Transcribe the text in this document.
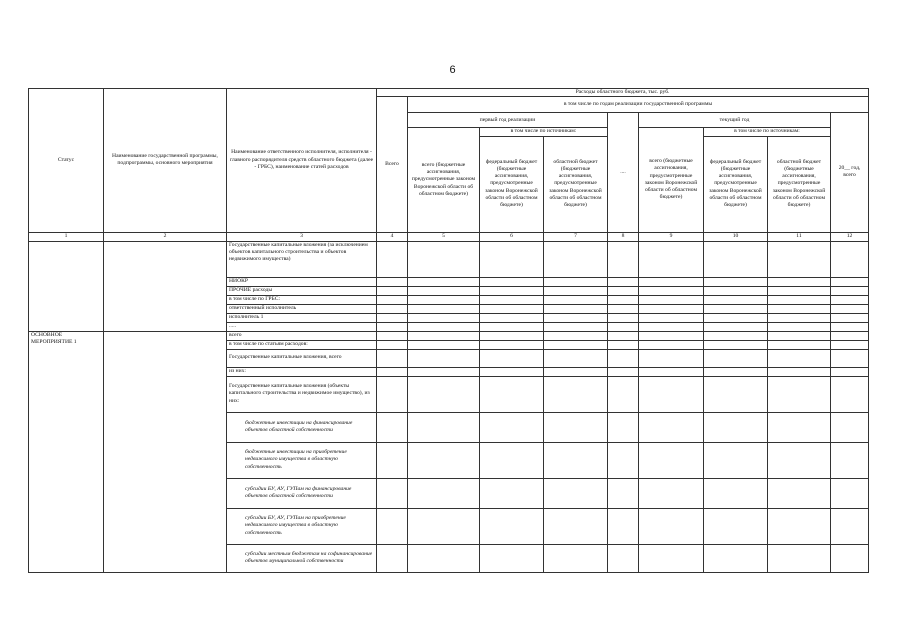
6
Статус	Наименование государственной программы, подпрограммы, основного мероприятия	Наименование ответственного исполнителя, исполнителя - главного распорядителя средств областного бюджета (далее - ГРБС), наименование статей расходов	Расходы областного бюджета, тыс. руб.								
			Всего	в том числе по годам реализации государственной программы							
				первый год реализации			....	текущий год			20__ год, всего
				всего (бюджетные ассигнования, предусмотренные законом Воронежской области об областном бюджете)	в том числе по источникам:			всего (бюджетные ассигнования, предусмотренные законом Воронежской области об областном бюджете)	в том числе по источникам:		
					федеральный бюджет (бюджетные ассигнования, предусмотренные законом Воронежской области об областном бюджете)	областной бюджет (бюджетные ассигнования, предусмотренные законом Воронежской области об областном бюджете)			федеральный бюджет (бюджетные ассигнования, предусмотренные законом Воронежской области об областном бюджете)	областной бюджет (бюджетные ассигнования, предусмотренные законом Воронежской области об областном бюджете)	
1	2	3	4	5	6	7	8	9	10	11	12
		Государственные капитальные вложения (за исключением объектов капитального строительства и объектов недвижимого имущества)									
		НИОКР									
		ПРОЧИЕ расходы									
		в том числе по ГРБС:									
		ответственный исполнитель									
		исполнитель 1									
		.....									
ОСНОВНОЕ МЕРОПРИЯТИЕ 1		всего									
		в том числе по статьям расходов:									
		Государственные капитальные вложения, всего									
		из них:									
		Государственные капитальные вложения (объекты капитального строительства и недвижимое имущество), из них:									
		бюджетные инвестиции на финансирование объектов областной собственности									
		бюджетные инвестиции на приобретение недвижимого имущества в областную собственность									
		субсидии БУ, АУ, ГУПам на финансирование объектов областной собственности									
		субсидии БУ, АУ, ГУПам на приобретение недвижимого имущества в областную собственность									
		субсидии местным бюджетам на софинансирование объектов муниципальной собственности									
